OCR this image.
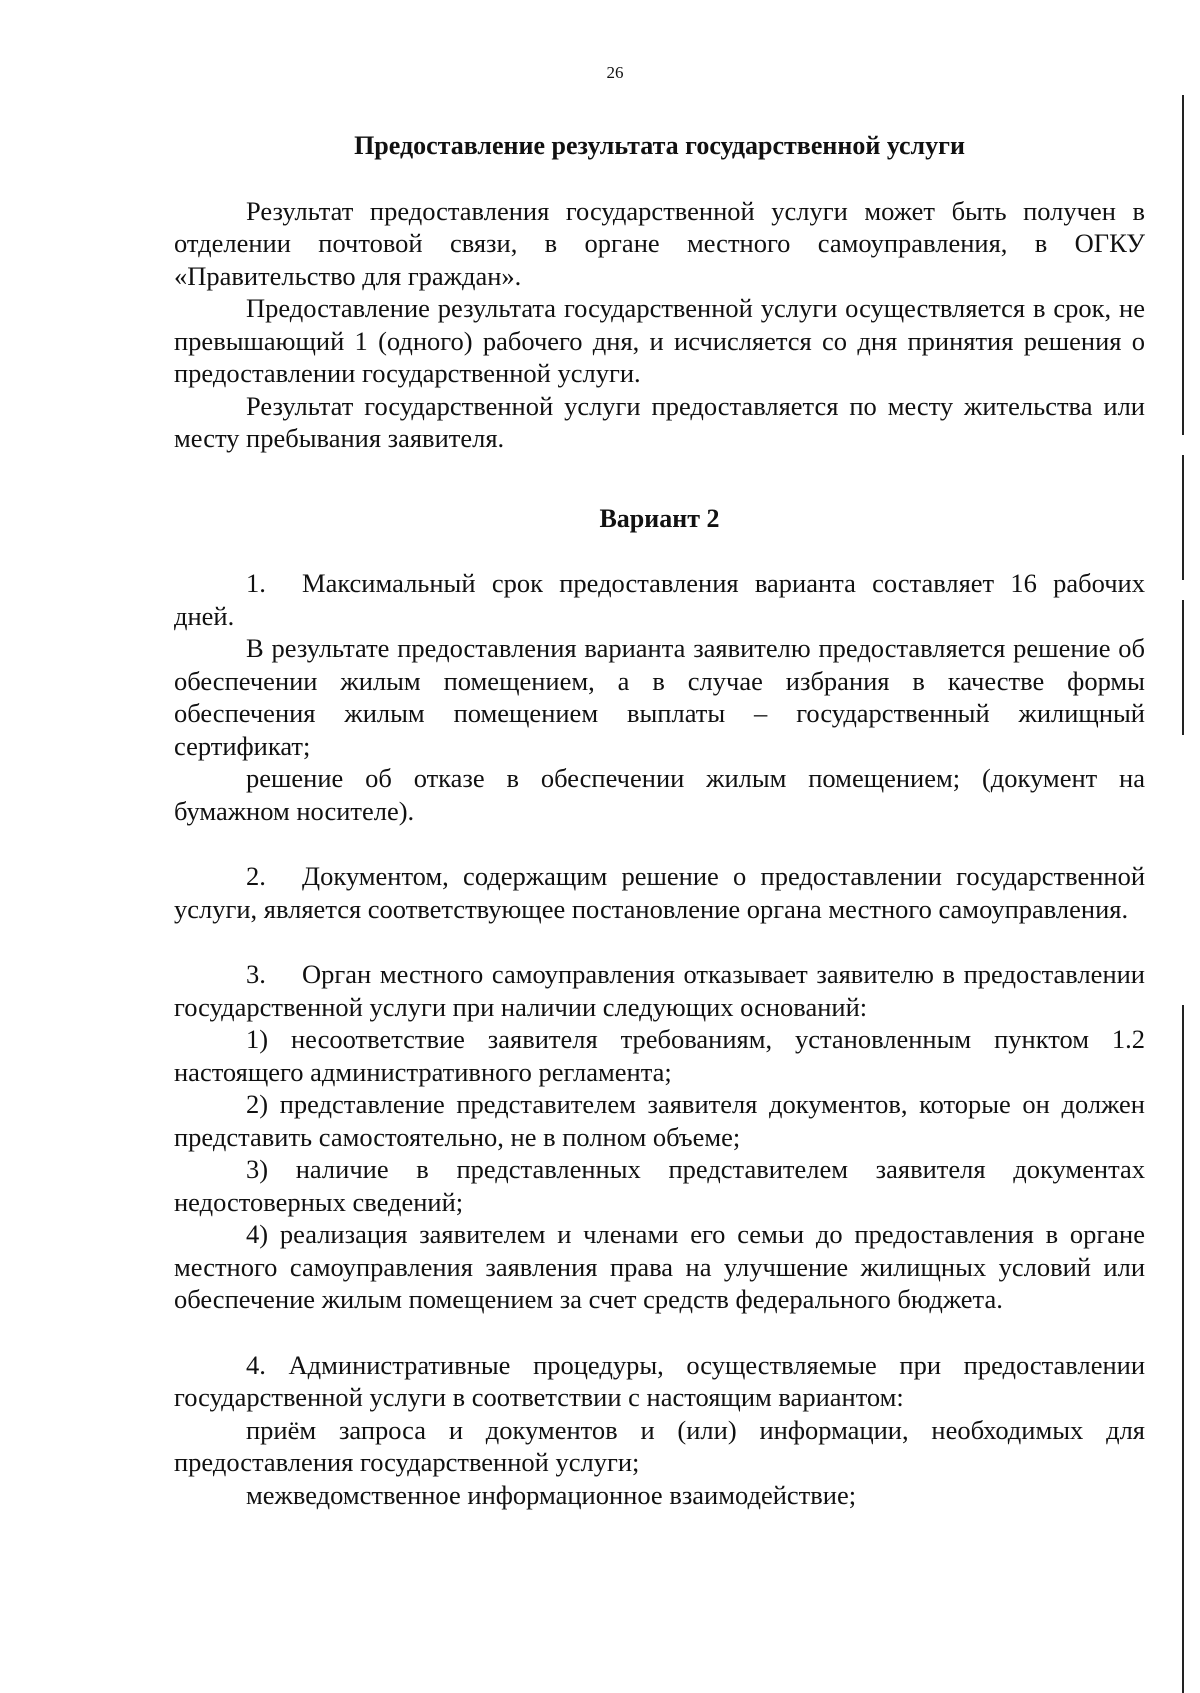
26

Предоставление результата государственной услуги

Результат предоставления государственной услуги может быть получен в отделении почтовой связи, в органе местного самоуправления, в ОГКУ «Правительство для граждан».

Предоставление результата государственной услуги осуществляется в срок, не превышающий 1 (одного) рабочего дня, и исчисляется со дня принятия решения о предоставлении государственной услуги.

Результат государственной услуги предоставляется по месту жительства или месту пребывания заявителя.

Вариант 2

1. Максимальный срок предоставления варианта составляет 16 рабочих дней.

В результате предоставления варианта заявителю предоставляется решение об обеспечении жилым помещением, а в случае избрания в качестве формы обеспечения жилым помещением выплаты – государственный жилищный сертификат;

решение об отказе в обеспечении жилым помещением; (документ на бумажном носителе).

2. Документом, содержащим решение о предоставлении государственной услуги, является соответствующее постановление органа местного самоуправления.

3. Орган местного самоуправления отказывает заявителю в предоставлении государственной услуги при наличии следующих оснований:

1) несоответствие заявителя требованиям, установленным пунктом 1.2 настоящего административного регламента;

2) представление представителем заявителя документов, которые он должен представить самостоятельно, не в полном объеме;

3) наличие в представленных представителем заявителя документах недостоверных сведений;

4) реализация заявителем и членами его семьи до предоставления в органе местного самоуправления заявления права на улучшение жилищных условий или обеспечение жилым помещением за счет средств федерального бюджета.

4. Административные процедуры, осуществляемые при предоставлении государственной услуги в соответствии с настоящим вариантом:

приём запроса и документов и (или) информации, необходимых для предоставления государственной услуги;

межведомственное информационное взаимодействие;
